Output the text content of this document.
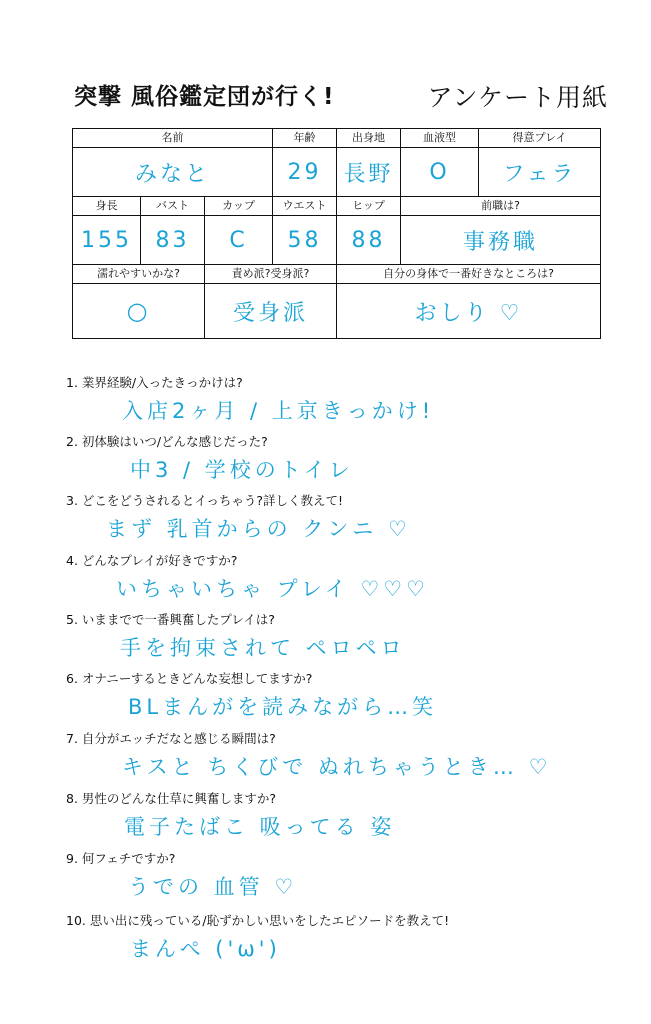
突撃 風俗鑑定団が行く!	アンケート用紙
名前			年齢	出身地	血液型	得意プレイ
みなと			29	長野	O	フェラ
身長	バスト	カップ	ウエスト	ヒップ	前職は?	
155	83	C	58	88	事務職	
濡れやすいかな?		責め派?受身派?		自分の身体で一番好きなところは?		
○		受身派		おしり ♡		
1. 業界経験/入ったきっかけは?
入店2ヶ月 / 上京きっかけ!
2. 初体験はいつ/どんな感じだった?
中3 / 学校のトイレ
3. どこをどうされるとイっちゃう?詳しく教えて!
まず 乳首からの クンニ ♡
4. どんなプレイが好きですか?
いちゃいちゃ プレイ ♡♡♡
5. いままでで一番興奮したプレイは?
手を拘束されて ペロペロ
6. オナニーするときどんな妄想してますか?
BLまんがを読みながら…笑
7. 自分がエッチだなと感じる瞬間は?
キスと ちくびで ぬれちゃうとき… ♡
8. 男性のどんな仕草に興奮しますか?
電子たばこ 吸ってる 姿
9. 何フェチですか?
うでの 血管 ♡
10. 思い出に残っている/恥ずかしい思いをしたエピソードを教えて!
まんぺ ('ω')
